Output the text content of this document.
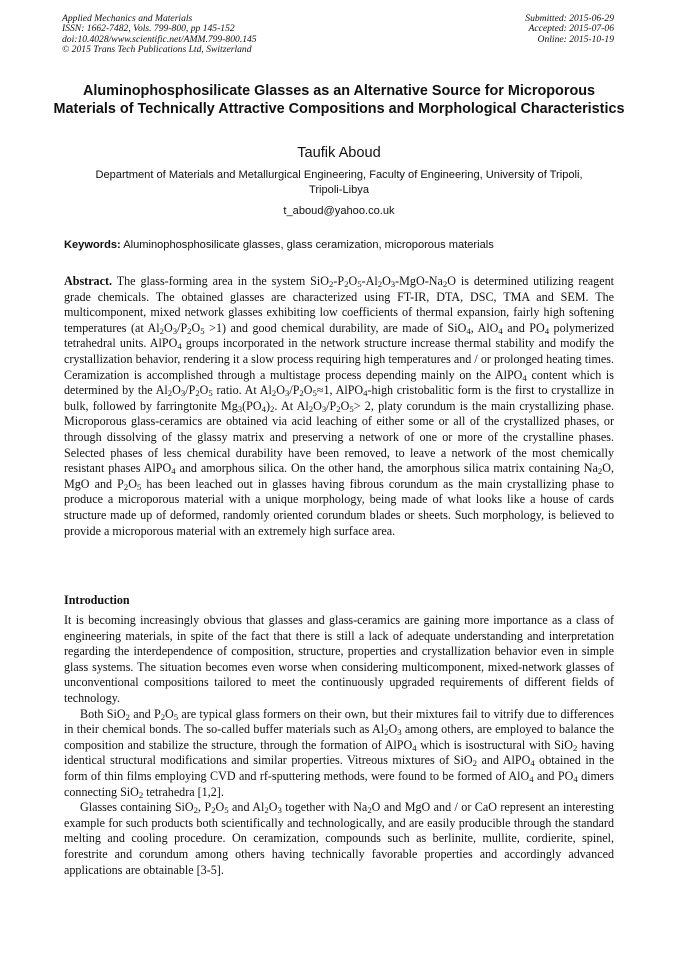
Applied Mechanics and Materials
ISSN: 1662-7482, Vols. 799-800, pp 145-152
doi:10.4028/www.scientific.net/AMM.799-800.145
© 2015 Trans Tech Publications Ltd, Switzerland
Submitted: 2015-06-29
Accepted: 2015-07-06
Online: 2015-10-19
Aluminophosphosilicate Glasses as an Alternative Source for Microporous Materials of Technically Attractive Compositions and Morphological Characteristics
Taufik Aboud
Department of Materials and Metallurgical Engineering, Faculty of Engineering, University of Tripoli, Tripoli-Libya
t_aboud@yahoo.co.uk
Keywords: Aluminophosphosilicate glasses, glass ceramization, microporous materials
Abstract. The glass-forming area in the system $SiO_2-P_2O_5-Al_2O_3-MgO-Na_2O$ is determined utilizing reagent grade chemicals. The obtained glasses are characterized using FT-IR, DTA, DSC, TMA and SEM. The multicomponent, mixed network glasses exhibiting low coefficients of thermal expansion, fairly high softening temperatures (at $Al_2O_3/P_2O_5 >1$) and good chemical durability, are made of SiO$_4$, AlO$_4$ and $PO_4$ polymerized tetrahedral units. AlPO$_4$ groups incorporated in the network structure increase thermal stability and modify the crystallization behavior, rendering it a slow process requiring high temperatures and / or prolonged heating times. Ceramization is accomplished through a multistage process depending mainly on the AlPO$_4$ content which is determined by the $Al_2O_3/P_2O_5$ ratio. At $Al_2O_3/P_2O_5\approx 1$, AlPO$_4$-high cristobalitic form is the first to crystallize in bulk, followed by farringtonite $Mg_3(PO_4)_2$. At $Al_2O_3/P_2O_5> 2$, platy corundum is the main crystallizing phase. Microporous glass-ceramics are obtained via acid leaching of either some or all of the crystallized phases, or through dissolving of the glassy matrix and preserving a network of one or more of the crystalline phases. Selected phases of less chemical durability have been removed, to leave a network of the most chemically resistant phases AlPO$_4$ and amorphous silica. On the other hand, the amorphous silica matrix containing $Na_2O$, MgO and $P_2O_5$ has been leached out in glasses having fibrous corundum as the main crystallizing phase to produce a microporous material with a unique morphology, being made of what looks like a house of cards structure made up of deformed, randomly oriented corundum blades or sheets. Such morphology, is believed to provide a microporous material with an extremely high surface area.
Introduction

It is becoming increasingly obvious that glasses and glass-ceramics are gaining more importance as a class of engineering materials, in spite of the fact that there is still a lack of adequate understanding and interpretation regarding the interdependence of composition, structure, properties and crystallization behavior even in simple glass systems. The situation becomes even worse when considering multicomponent, mixed-network glasses of unconventional compositions tailored to meet the continuously upgraded requirements of different fields of technology.

Both SiO$_2$ and $P_2O_5$ are typical glass formers on their own, but their mixtures fail to vitrify due to differences in their chemical bonds. The so-called buffer materials such as $Al_2O_3$ among others, are employed to balance the composition and stabilize the structure, through the formation of AlPO$_4$ which is isostructural with SiO$_2$ having identical structural modifications and similar properties. Vitreous mixtures of SiO$_2$ and AlPO$_4$ obtained in the form of thin films employing CVD and rf-sputtering methods, were found to be formed of AlO$_4$ and $PO_4$ dimers connecting SiO$_2$ tetrahedra [1,2].

Glasses containing SiO$_2$, $P_2O_5$ and $Al_2O_3$ together with $Na_2O$ and MgO and / or CaO represent an interesting example for such products both scientifically and technologically, and are easily producible through the standard melting and cooling procedure. On ceramization, compounds such as berlinite, mullite, cordierite, spinel, forestrite and corundum among others having technically favorable properties and accordingly advanced applications are obtainable [3-5].
